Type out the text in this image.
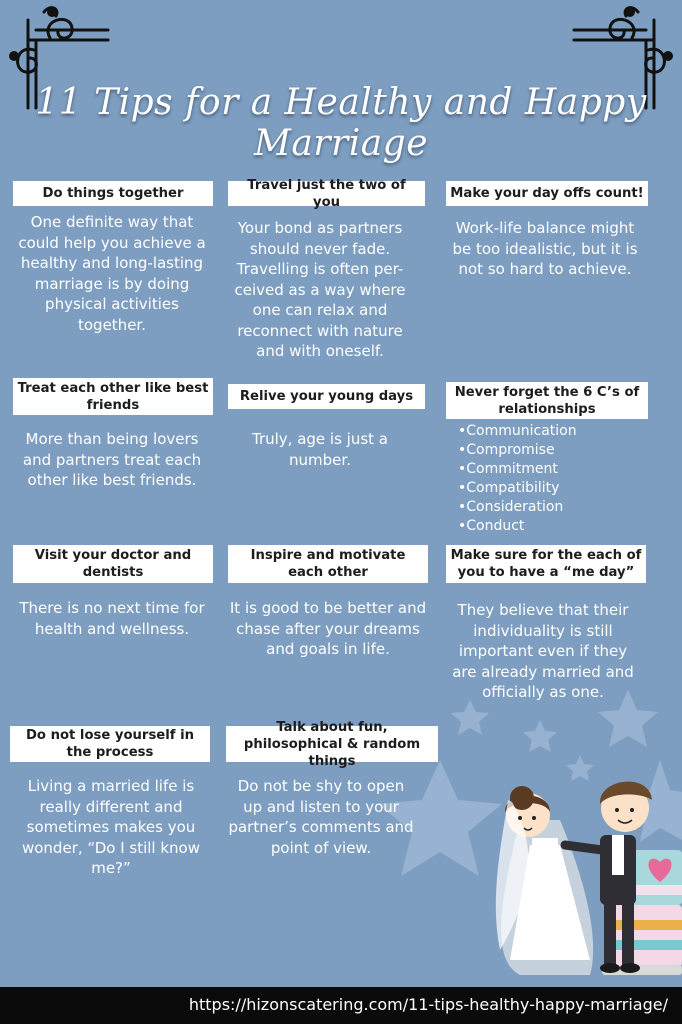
11 Tips for a Healthy and Happy Marriage
Do things together
One definite way that could help you achieve a healthy and long-lasting marriage is by doing physical activities together.
Travel just the two of you
Your bond as partners should never fade. Travelling is often per-ceived as a way where one can relax and reconnect with nature and with oneself.
Make your day offs count!
Work-life balance might be too idealistic, but it is not so hard to achieve.
Treat each other like best friends
More than being lovers and partners treat each other like best friends.
Relive your young days
Truly, age is just a number.
Never forget the 6 C’s of relationships
•Communication
•Compromise
•Commitment
•Compatibility
•Consideration
•Conduct
Visit your doctor and dentists
There is no next time for health and wellness.
Inspire and motivate each other
It is good to be better and chase after your dreams and goals in life.
Make sure for the each of you to have a “me day”
They believe that their individuality is still important even if they are already married and officially as one.
Do not lose yourself in the process
Living a married life is really different and sometimes makes you wonder, “Do I still know me?”
Talk about fun, philosophical & random things
Do not be shy to open up and listen to your partner’s comments and point of view.
https://hizonscatering.com/11-tips-healthy-happy-marriage/
